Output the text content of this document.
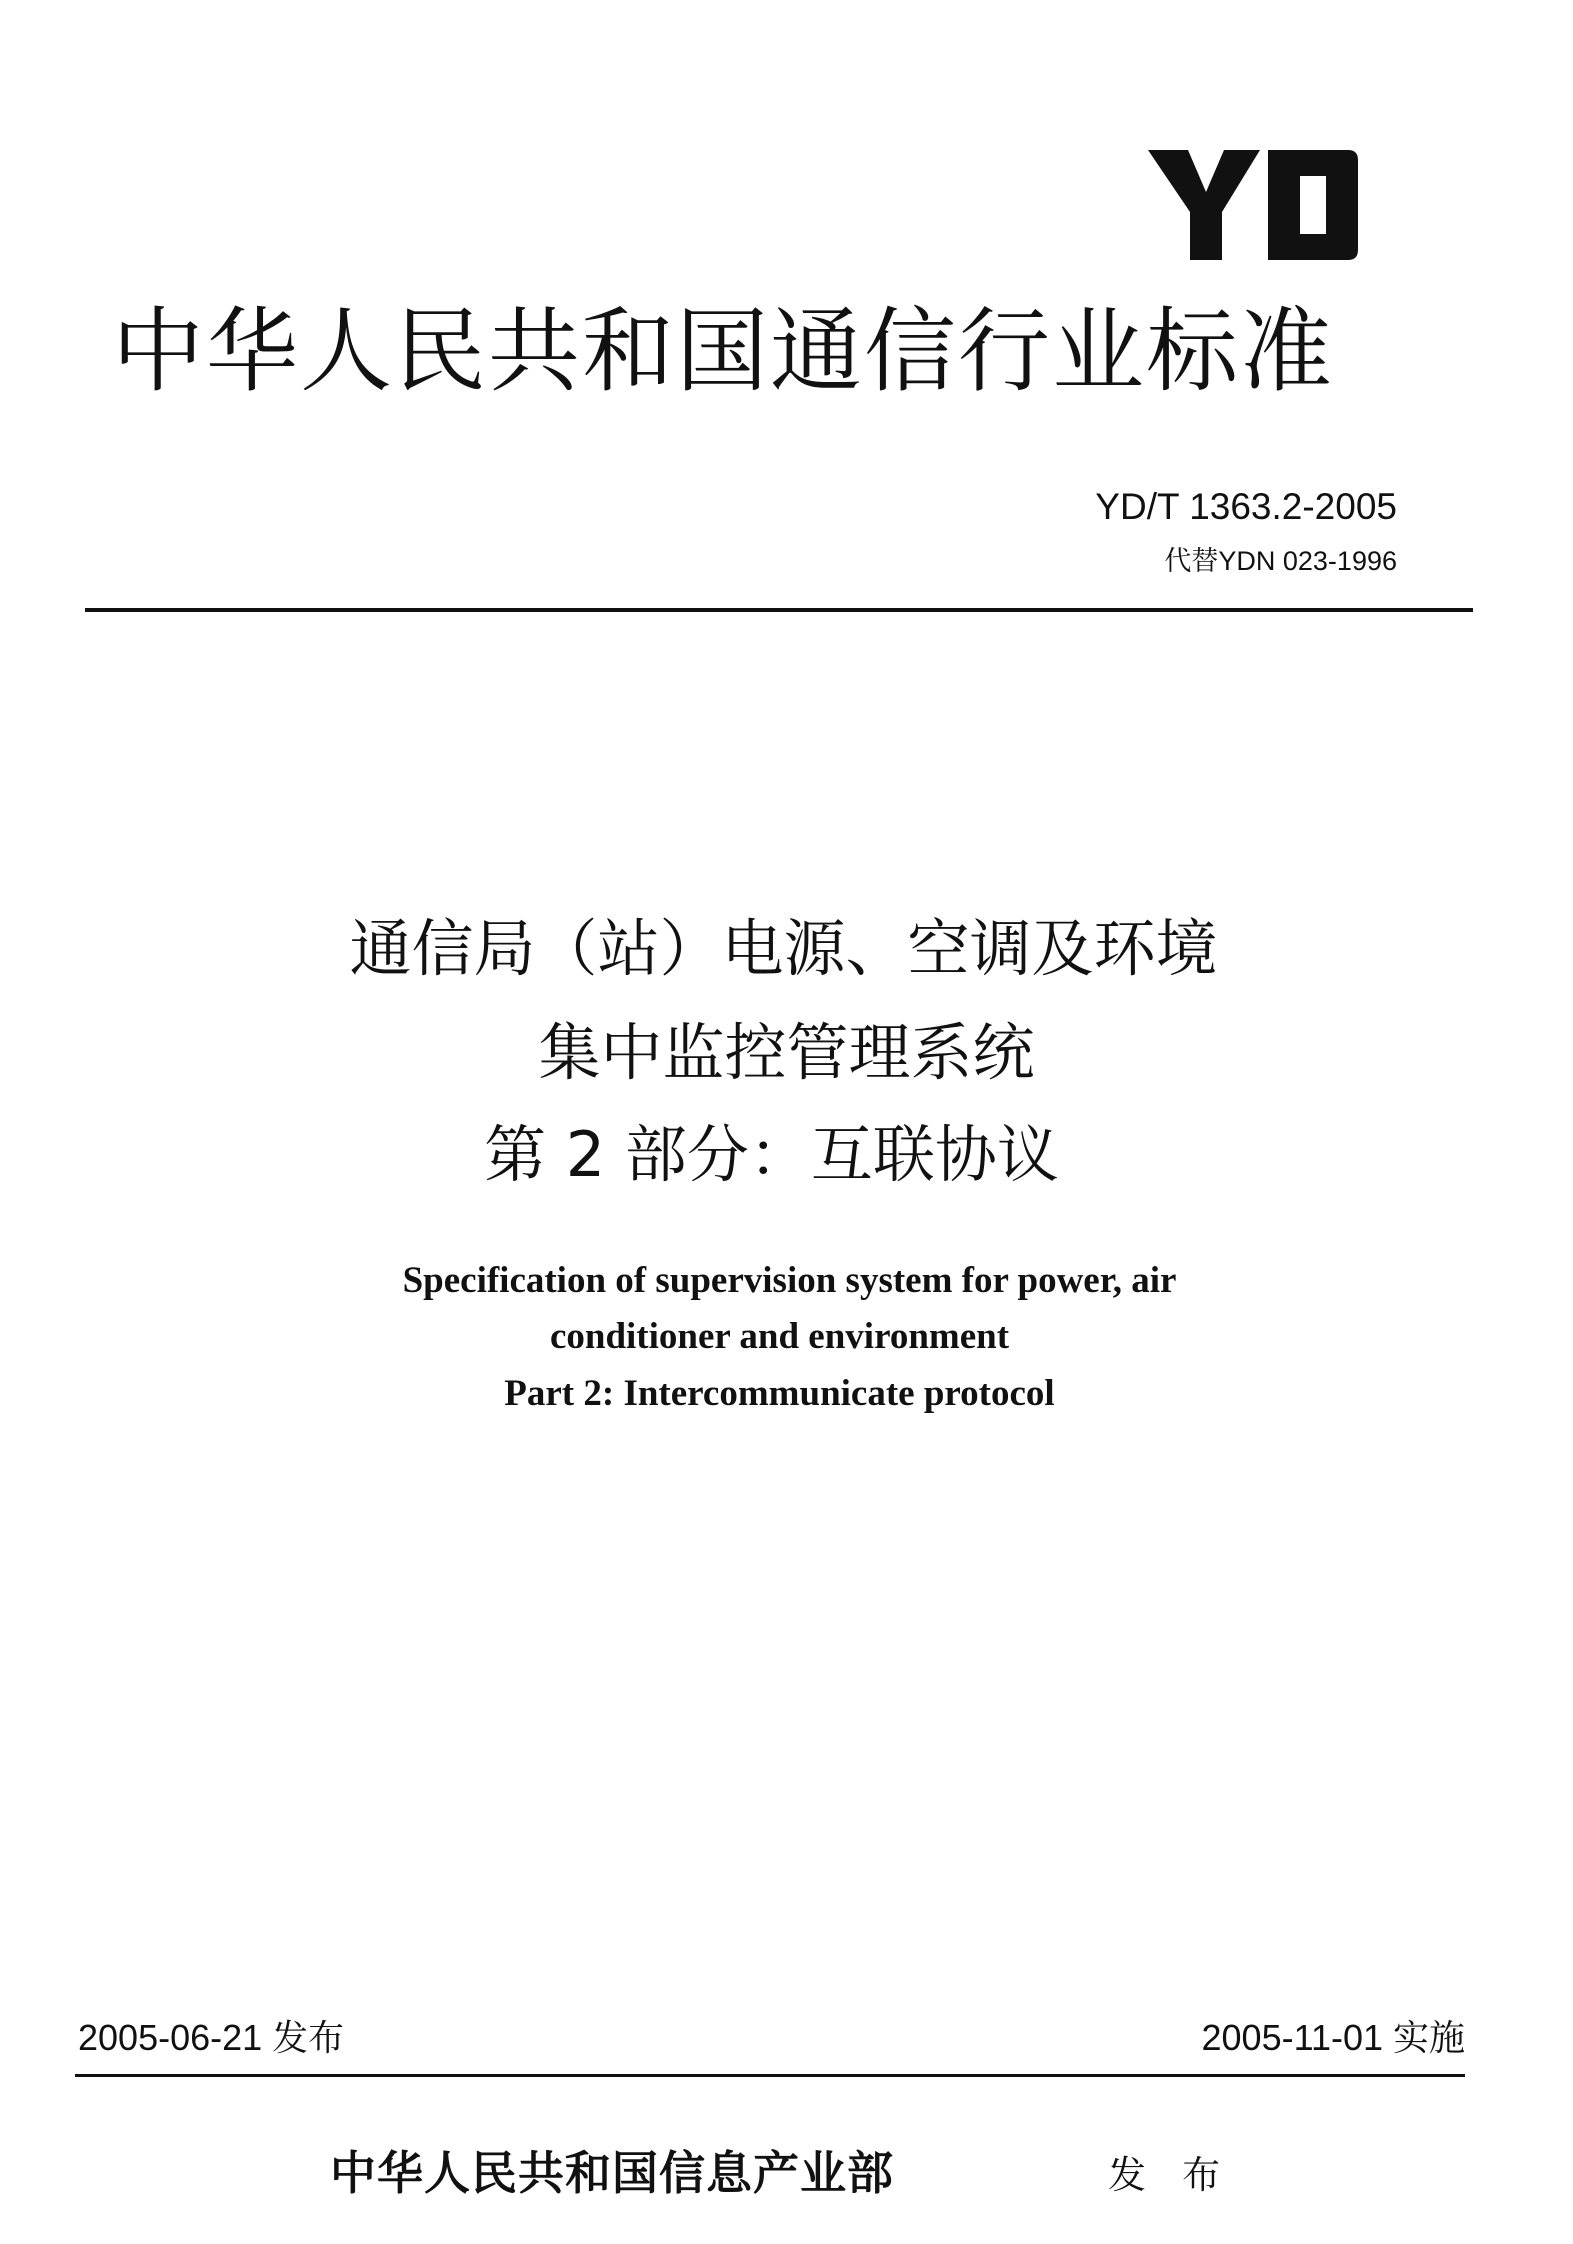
中华人民共和国通信行业标准
YD/T 1363.2-2005
代替YDN 023-1996
通信局（站）电源、空调及环境
集中监控管理系统
第 2 部分：互联协议
Specification of supervision system for power, air
conditioner and environment
Part 2: Intercommunicate protocol
2005-06-21 发布	2005-11-01 实施
中华人民共和国信息产业部	发 布
